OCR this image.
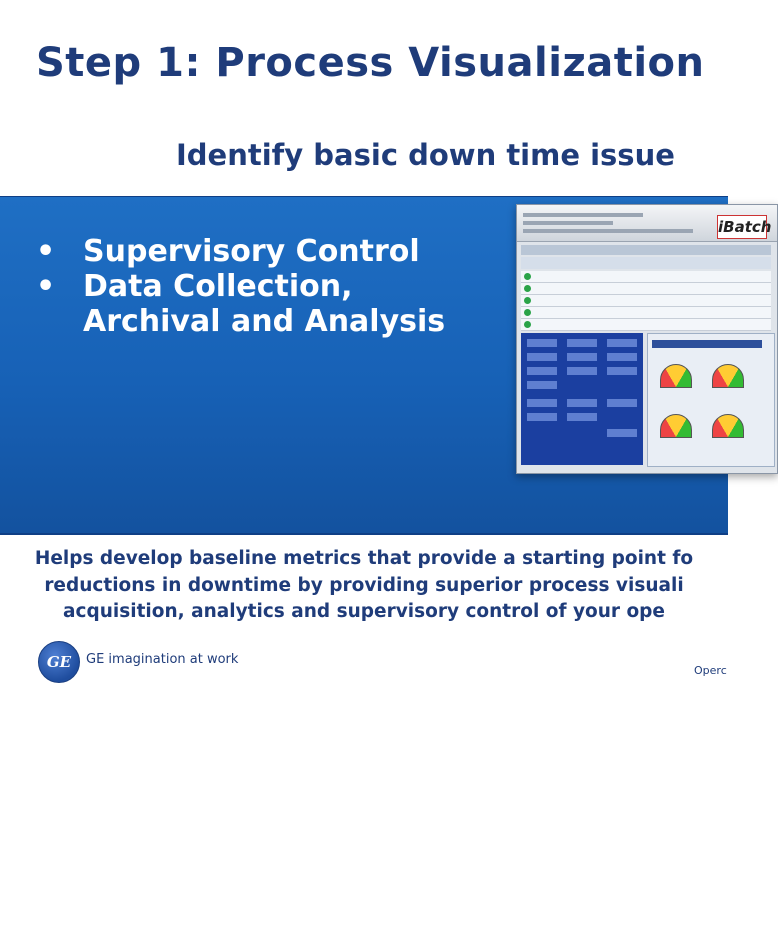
Step 1: Process Visualization
Identify basic down time issue
• Supervisory Control
• Data Collection, Archival and Analysis
iBatch

Helps develop baseline metrics that provide a starting point fo
reductions in downtime by providing superior process visuali
acquisition, analytics and supervisory control of your ope

GE	GE imagination at work

Operc
